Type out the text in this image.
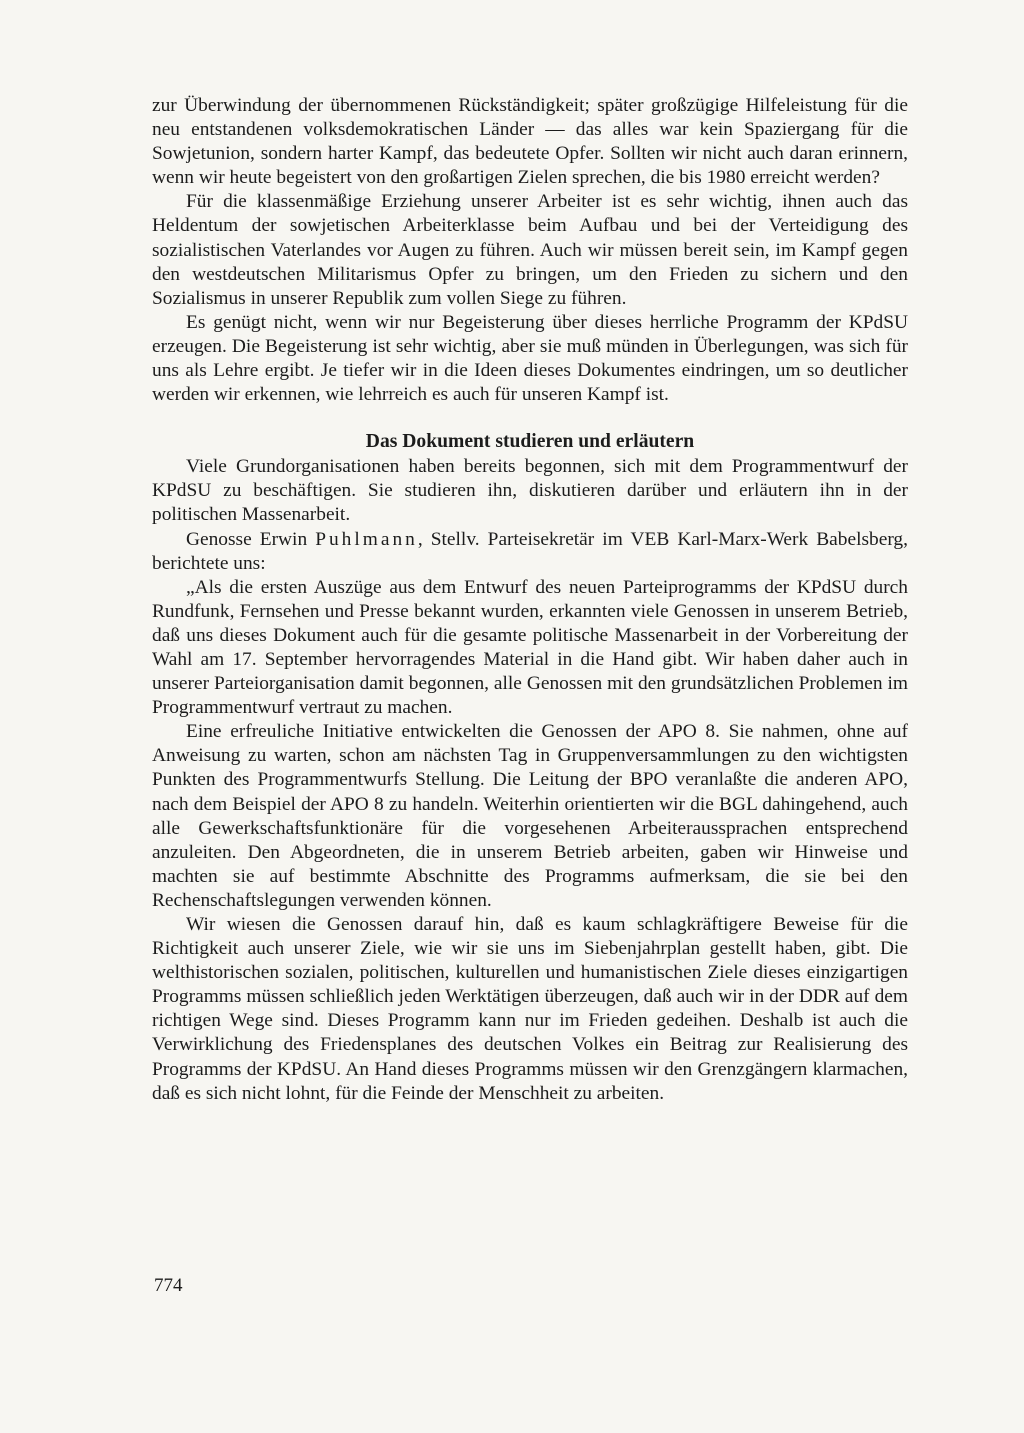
zur Überwindung der übernommenen Rückständigkeit; später großzügige Hilfeleistung für die neu entstandenen volksdemokratischen Länder — das alles war kein Spaziergang für die Sowjetunion, sondern harter Kampf, das bedeutete Opfer. Sollten wir nicht auch daran erinnern, wenn wir heute begeistert von den großartigen Zielen sprechen, die bis 1980 erreicht werden?

Für die klassenmäßige Erziehung unserer Arbeiter ist es sehr wichtig, ihnen auch das Heldentum der sowjetischen Arbeiterklasse beim Aufbau und bei der Verteidigung des sozialistischen Vaterlandes vor Augen zu führen. Auch wir müssen bereit sein, im Kampf gegen den westdeutschen Militarismus Opfer zu bringen, um den Frieden zu sichern und den Sozialismus in unserer Republik zum vollen Siege zu führen.

Es genügt nicht, wenn wir nur Begeisterung über dieses herrliche Programm der KPdSU erzeugen. Die Begeisterung ist sehr wichtig, aber sie muß münden in Überlegungen, was sich für uns als Lehre ergibt. Je tiefer wir in die Ideen dieses Dokumentes eindringen, um so deutlicher werden wir erkennen, wie lehrreich es auch für unseren Kampf ist.

Das Dokument studieren und erläutern

Viele Grundorganisationen haben bereits begonnen, sich mit dem Programmentwurf der KPdSU zu beschäftigen. Sie studieren ihn, diskutieren darüber und erläutern ihn in der politischen Massenarbeit.

Genosse Erwin Puhlmann, Stellv. Parteisekretär im VEB Karl-Marx-Werk Babelsberg, berichtete uns:

„Als die ersten Auszüge aus dem Entwurf des neuen Parteiprogramms der KPdSU durch Rundfunk, Fernsehen und Presse bekannt wurden, erkannten viele Genossen in unserem Betrieb, daß uns dieses Dokument auch für die gesamte politische Massenarbeit in der Vorbereitung der Wahl am 17. September hervorragendes Material in die Hand gibt. Wir haben daher auch in unserer Parteiorganisation damit begonnen, alle Genossen mit den grundsätzlichen Problemen im Programmentwurf vertraut zu machen.

Eine erfreuliche Initiative entwickelten die Genossen der APO 8. Sie nahmen, ohne auf Anweisung zu warten, schon am nächsten Tag in Gruppenversammlungen zu den wichtigsten Punkten des Programmentwurfs Stellung. Die Leitung der BPO veranlaßte die anderen APO, nach dem Beispiel der APO 8 zu handeln. Weiterhin orientierten wir die BGL dahingehend, auch alle Gewerkschaftsfunktionäre für die vorgesehenen Arbeiteraussprachen entsprechend anzuleiten. Den Abgeordneten, die in unserem Betrieb arbeiten, gaben wir Hinweise und machten sie auf bestimmte Abschnitte des Programms aufmerksam, die sie bei den Rechenschaftslegungen verwenden können.

Wir wiesen die Genossen darauf hin, daß es kaum schlagkräftigere Beweise für die Richtigkeit auch unserer Ziele, wie wir sie uns im Siebenjahrplan gestellt haben, gibt. Die welthistorischen sozialen, politischen, kulturellen und humanistischen Ziele dieses einzigartigen Programms müssen schließlich jeden Werktätigen überzeugen, daß auch wir in der DDR auf dem richtigen Wege sind. Dieses Programm kann nur im Frieden gedeihen. Deshalb ist auch die Verwirklichung des Friedensplanes des deutschen Volkes ein Beitrag zur Realisierung des Programms der KPdSU. An Hand dieses Programms müssen wir den Grenzgängern klarmachen, daß es sich nicht lohnt, für die Feinde der Menschheit zu arbeiten.

774
